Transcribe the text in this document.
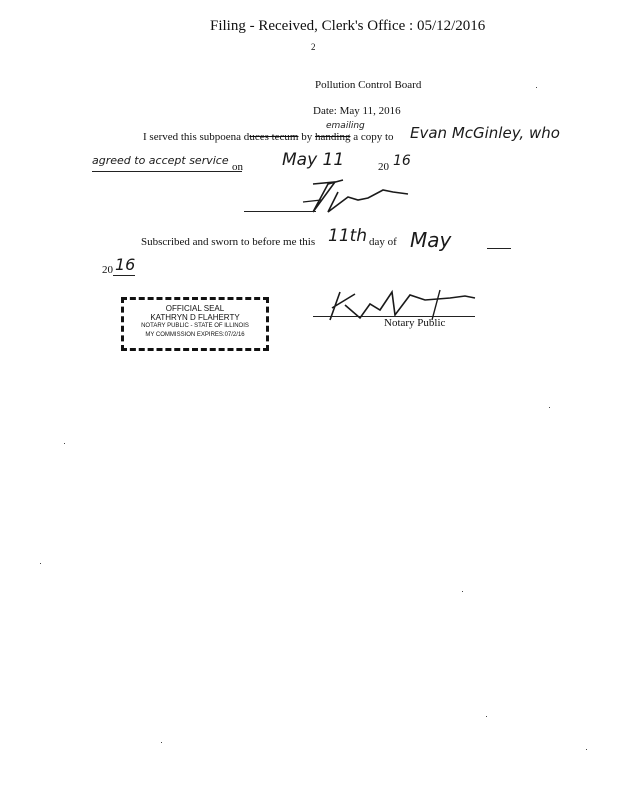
Filing - Received, Clerk's Office : 05/12/2016
2
Pollution Control Board
Date: May 11, 2016
emailing
I served this subpoena duces tecum by handing a copy to Evan McGinley, who
agreed to accept service on May 11	20 16
Subscribed and sworn to before me this 11th day of May
20 16
OFFICIAL SEAL
KATHRYN D FLAHERTY
NOTARY PUBLIC - STATE OF ILLINOIS
MY COMMISSION EXPIRES:07/2/16
Notary Public
